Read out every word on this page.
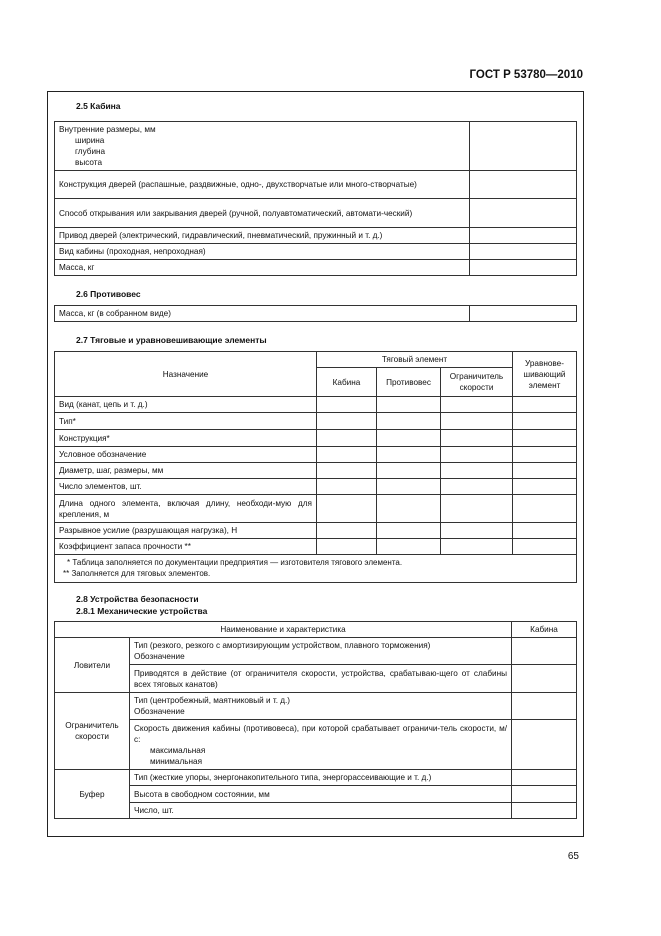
ГОСТ Р 53780—2010
2.5 Кабина
Внутренние размеры, мм
ширина
глубина
высота	

Конструкция дверей (распашные, раздвижные, одно-, двухстворчатые или много-створчатые)	
Способ открывания или закрывания дверей (ручной, полуавтоматический, автомати-ческий)	
Привод дверей (электрический, гидравлический, пневматический, пружинный и т. д.)	
Вид кабины (проходная, непроходная)	
Масса, кг	
2.6 Противовес
Масса, кг (в собранном виде)	
2.7 Тяговые и уравновешивающие элементы
Назначение	Тяговый элемент			Уравнове-шивающий элемент
	Кабина	Противовес	Ограничитель скорости	
Вид (канат, цепь и т. д.)				
Тип*				
Конструкция*				
Условное обозначение				
Диаметр, шаг, размеры, мм				
Число элементов, шт.				
Длина одного элемента, включая длину, необходи-мую для крепления, м				
Разрывное усилие (разрушающая нагрузка), Н				
Коэффициент запаса прочности **				
* Таблица заполняется по документации предприятия — изготовителя тягового элемента.
** Заполняется для тяговых элементов.
2.8 Устройства безопасности
2.8.1 Механические устройства
Наименование и характеристика		Кабина
Ловители	Тип (резкого, резкого с амортизирующим устройством, плавного торможения)
Обозначение	

	Приводятся в действие (от ограничителя скорости, устройства, срабатываю-щего от слабины всех тяговых канатов)	
Ограничитель скорости	Тип (центробежный, маятниковый и т. д.)
Обозначение	

	Скорость движения кабины (противовеса), при которой срабатывает ограничи-тель скорости, м/с:
максимальная
минимальная	

Буфер	Тип (жесткие упоры, энергонакопительного типа, энергорассеивающие и т. д.)	
	Высота в свободном состоянии, мм	
	Число, шт.	
65
